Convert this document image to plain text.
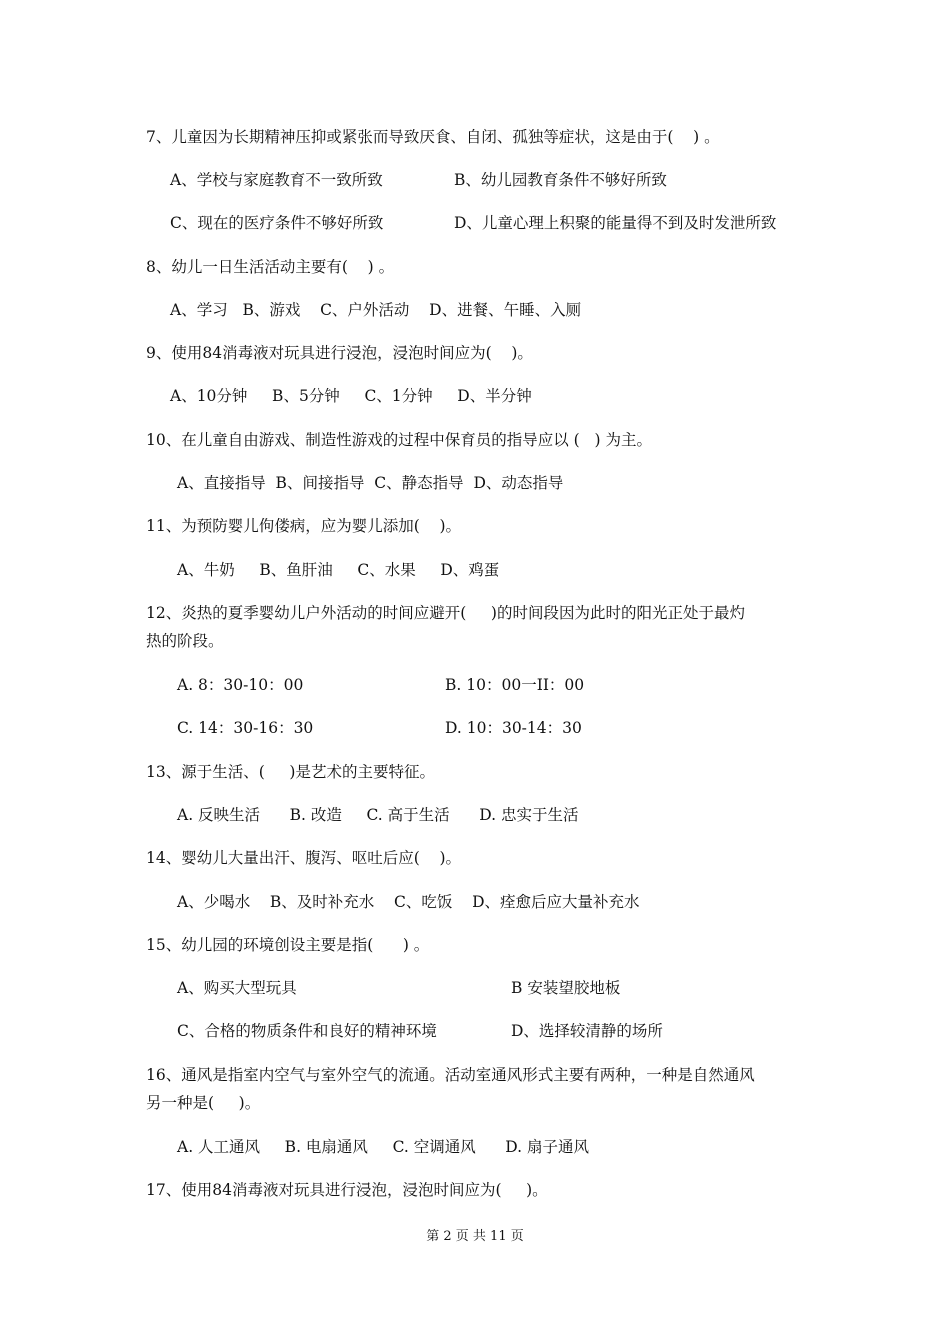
7、儿童因为长期精神压抑或紧张而导致厌食、自闭、孤独等症状，这是由于(    ) 。
A、学校与家庭教育不一致所致	B、幼儿园教育条件不够好所致
C、现在的医疗条件不够好所致	D、儿童心理上积聚的能量得不到及时发泄所致
8、幼儿一日生活活动主要有(    ) 。
A、学习   B、游戏    C、户外活动    D、进餐、午睡、入厕
9、使用84消毒液对玩具进行浸泡，浸泡时间应为(    )。
A、10分钟     B、5分钟     C、1分钟     D、半分钟
10、在儿童自由游戏、制造性游戏的过程中保育员的指导应以 (   ) 为主。
A、直接指导  B、间接指导  C、静态指导  D、动态指导
11、为预防婴儿佝偻病，应为婴儿添加(    )。
A、牛奶     B、鱼肝油     C、水果     D、鸡蛋
12、炎热的夏季婴幼儿户外活动的时间应避开(     )的时间段因为此时的阳光正处于最灼
热的阶段。
A. 8：30-10：00	B. 10：00一II：00
C. 14：30-16：30	D. 10：30-14：30
13、源于生活、(     )是艺术的主要特征。
A. 反映生活      B. 改造     C. 高于生活      D. 忠实于生活
14、婴幼儿大量出汗、腹泻、呕吐后应(    )。
A、少喝水    B、及时补充水    C、吃饭    D、痊愈后应大量补充水
15、幼儿园的环境创设主要是指(      ) 。
A、购买大型玩具	B 安装望胶地板
C、合格的物质条件和良好的精神环境	D、选择较清静的场所
16、通风是指室内空气与室外空气的流通。活动室通风形式主要有两种，一种是自然通风
另一种是(     )。
A. 人工通风     B. 电扇通风     C. 空调通风      D. 扇子通风
17、使用84消毒液对玩具进行浸泡，浸泡时间应为(     )。
第 2 页 共 11 页
